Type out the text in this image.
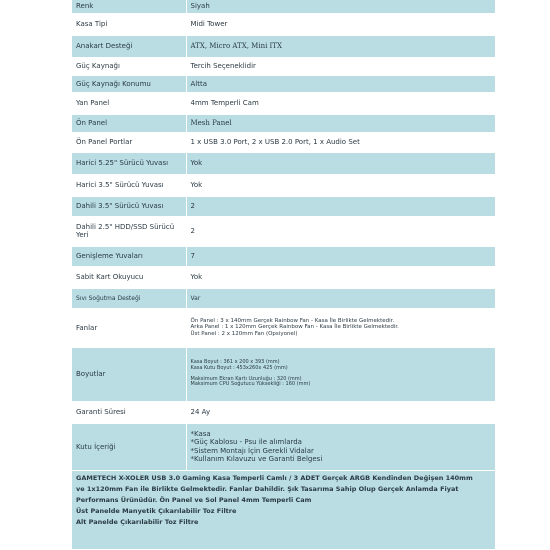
Renk	Siyah
Kasa Tipi	Midi Tower
Anakart Desteği	ATX, Micro ATX, Mini ITX
Güç Kaynağı	Tercih Seçeneklidir
Güç Kaynağı Konumu	Altta
Yan Panel	4mm Temperli Cam
Ön Panel	Mesh Panel
Ön Panel Portlar	1 x USB 3.0 Port, 2 x USB 2.0 Port, 1 x Audio Set
Harici 5.25" Sürücü Yuvası	Yok
Harici 3.5" Sürücü Yuvası	Yok
Dahili 3.5" Sürücü Yuvası	2
Dahili 2.5" HDD/SSD Sürücü Yeri	2
Genişleme Yuvaları	7
Sabit Kart Okuyucu	Yok
Sıvı Soğutma Desteği	Var
Fanlar	Ön Panel : 3 x 140mm Gerçek Rainbow Fan - Kasa İle Birlikte Gelmektedir.
Arka Panel : 1 x 120mm Gerçek Rainbow Fan - Kasa İle Birlikte Gelmektedir.
Üst Panel : 2 x 120mm Fan (Opsiyonel)

Boyutlar	Kasa Boyut : 361 x 200 x 393 (mm)
Kasa Kutu Boyut : 453x260x 425 (mm)
Maksimum Ekran Kartı Uzunluğu : 320 (mm)
Maksimum CPU Soğutucu Yüksekliği : 160 (mm)

Garanti Süresi	24 Ay
Kutu İçeriği	*Kasa
*Güç Kablosu - Psu ile alımlarda
*Sistem Montajı İçin Gerekli Vidalar
*Kullanım Kılavuzu ve Garanti Belgesi
GAMETECH X-XOLER USB 3.0 Gaming Kasa Temperli Camlı / 3 ADET Gerçek ARGB Kendinden Değişen 140mm
ve 1x120mm Fan ile Birlikte Gelmektedir. Fanlar Dahildir. Şık Tasarıma Sahip Olup Gerçek Anlamda Fiyat
Performans Ürünüdür. Ön Panel ve Sol Panel 4mm Temperli Cam
Üst Panelde Manyetik Çıkarılabilir Toz Filtre
Alt Panelde Çıkarılabilir Toz Filtre
